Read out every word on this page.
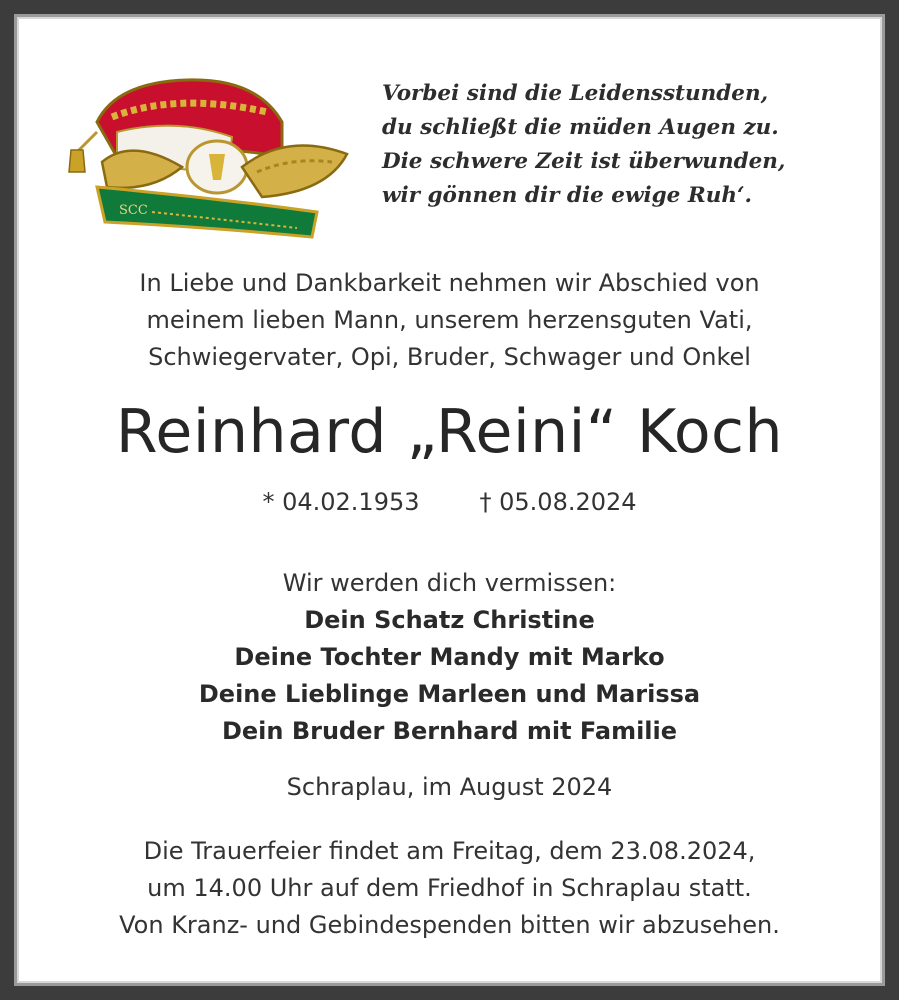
SCC
Vorbei sind die Leidensstunden,
du schließt die müden Augen zu.
Die schwere Zeit ist überwunden,
wir gönnen dir die ewige Ruh‘.
In Liebe und Dankbarkeit nehmen wir Abschied von
meinem lieben Mann, unserem herzensguten Vati,
Schwiegervater, Opi, Bruder, Schwager und Onkel
Reinhard „Reini“ Koch
* 04.02.1953	† 05.08.2024
Wir werden dich vermissen:
Dein Schatz Christine
Deine Tochter Mandy mit Marko
Deine Lieblinge Marleen und Marissa
Dein Bruder Bernhard mit Familie
Schraplau, im August 2024
Die Trauerfeier findet am Freitag, dem 23.08.2024,
um 14.00 Uhr auf dem Friedhof in Schraplau statt.
Von Kranz- und Gebindespenden bitten wir abzusehen.
